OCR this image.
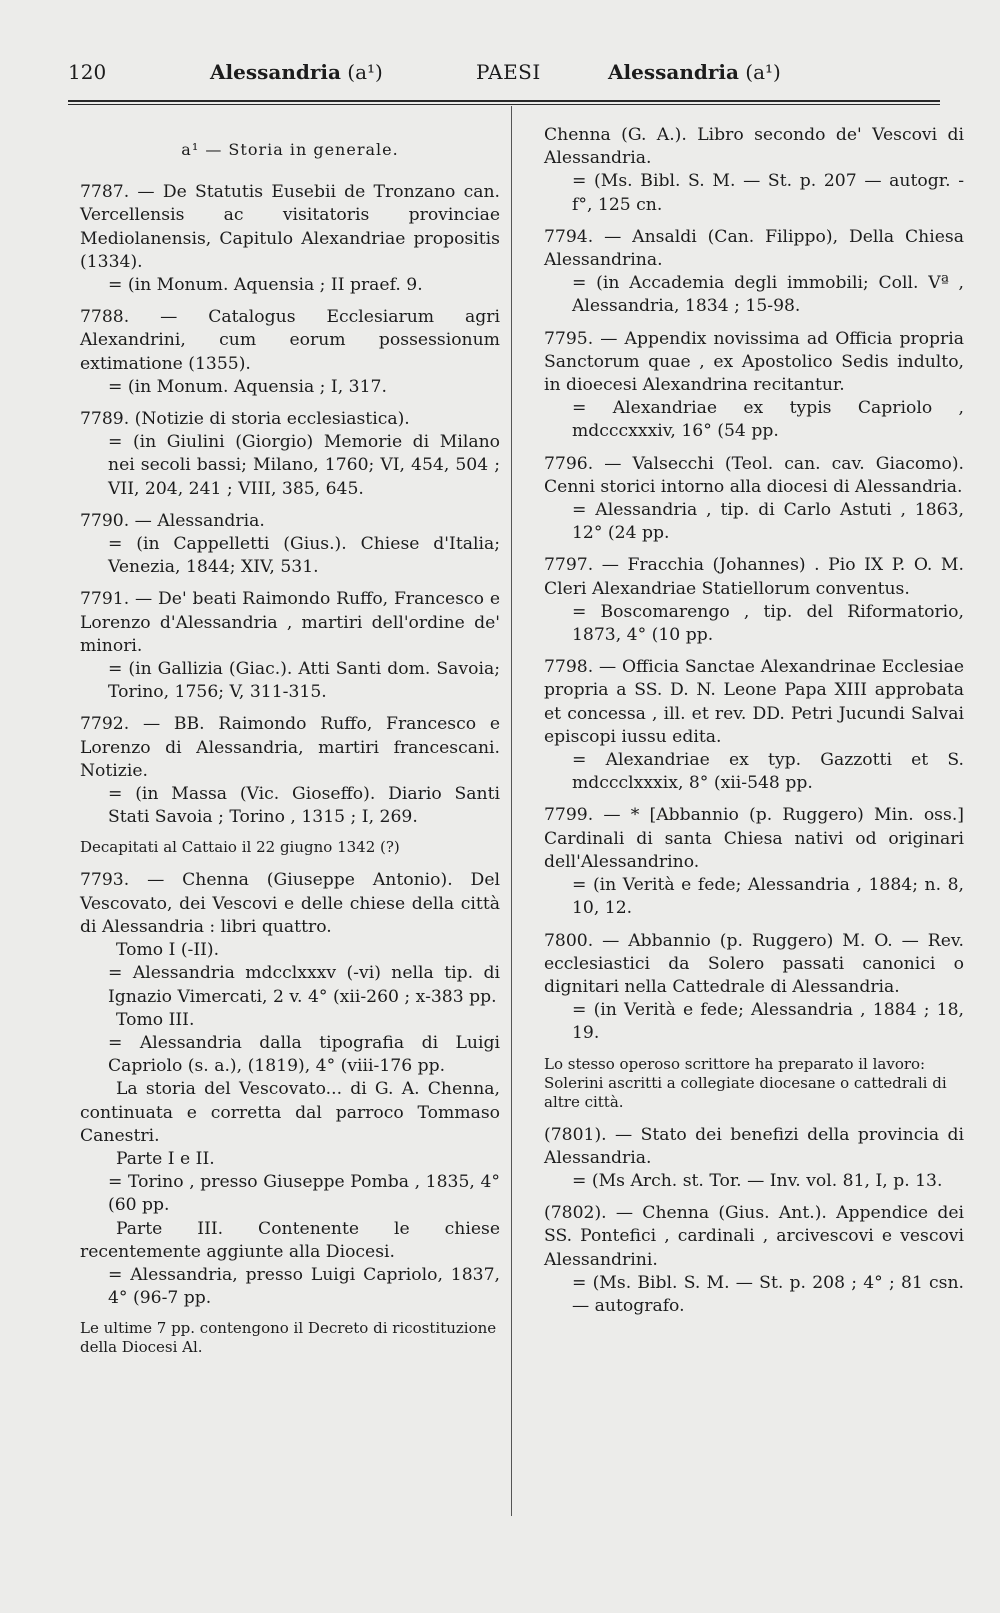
120	Alessandria (a¹)	PAESI	Alessandria (a¹)
a¹ — Storia in generale.

7787. — De Statutis Eusebii de Tronzano can. Vercellensis ac visitatoris provinciae Mediolanensis, Capitulo Alexandriae propositis (1334).

= (in Monum. Aquensia ; II praef. 9.

7788. — Catalogus Ecclesiarum agri Alexandrini, cum eorum possessionum extimatione (1355).

= (in Monum. Aquensia ; I, 317.

7789. (Notizie di storia ecclesiastica).

= (in Giulini (Giorgio) Memorie di Milano nei secoli bassi; Milano, 1760; VI, 454, 504 ; VII, 204, 241 ; VIII, 385, 645.

7790. — Alessandria.

= (in Cappelletti (Gius.). Chiese d'Italia; Venezia, 1844; XIV, 531.

7791. — De' beati Raimondo Ruffo, Francesco e Lorenzo d'Alessandria , martiri dell'ordine de' minori.

= (in Gallizia (Giac.). Atti Santi dom. Savoia; Torino, 1756; V, 311-315.

7792. — BB. Raimondo Ruffo, Francesco e Lorenzo di Alessandria, martiri francescani. Notizie.

= (in Massa (Vic. Gioseffo). Diario Santi Stati Savoia ; Torino , 1315 ; I, 269.

Decapitati al Cattaio il 22 giugno 1342 (?)

7793. — Chenna (Giuseppe Antonio). Del Vescovato, dei Vescovi e delle chiese della città di Alessandria : libri quattro.

Tomo I (-II).

= Alessandria mdcclxxxv (-vi) nella tip. di Ignazio Vimercati, 2 v. 4° (xii-260 ; x-383 pp.

Tomo III.

= Alessandria dalla tipografia di Luigi Capriolo (s. a.), (1819), 4° (viii-176 pp.

La storia del Vescovato... di G. A. Chenna, continuata e corretta dal parroco Tommaso Canestri.

Parte I e II.

= Torino , presso Giuseppe Pomba , 1835, 4° (60 pp.

Parte III. Contenente le chiese recentemente aggiunte alla Diocesi.

= Alessandria, presso Luigi Capriolo, 1837, 4° (96-7 pp.

Le ultime 7 pp. contengono il Decreto di ricostituzione della Diocesi Al.

Chenna (G. A.). Libro secondo de' Vescovi di Alessandria.

= (Ms. Bibl. S. M. — St. p. 207 — autogr. - f°, 125 cn.

7794. — Ansaldi (Can. Filippo), Della Chiesa Alessandrina.

= (in Accademia degli immobili; Coll. Vª , Alessandria, 1834 ; 15-98.

7795. — Appendix novissima ad Officia propria Sanctorum quae , ex Apostolico Sedis indulto, in dioecesi Alexandrina recitantur.

= Alexandriae ex typis Capriolo , mdcccxxxiv, 16° (54 pp.

7796. — Valsecchi (Teol. can. cav. Giacomo). Cenni storici intorno alla diocesi di Alessandria.

= Alessandria , tip. di Carlo Astuti , 1863, 12° (24 pp.

7797. — Fracchia (Johannes) . Pio IX P. O. M. Cleri Alexandriae Statiellorum conventus.

= Boscomarengo , tip. del Riformatorio, 1873, 4° (10 pp.

7798. — Officia Sanctae Alexandrinae Ecclesiae propria a SS. D. N. Leone Papa XIII approbata et concessa , ill. et rev. DD. Petri Jucundi Salvai episcopi iussu edita.

= Alexandriae ex typ. Gazzotti et S. mdccclxxxix, 8° (xii-548 pp.

7799. — * [Abbannio (p. Ruggero) Min. oss.] Cardinali di santa Chiesa nativi od originari dell'Alessandrino.

= (in Verità e fede; Alessandria , 1884; n. 8, 10, 12.

7800. — Abbannio (p. Ruggero) M. O. — Rev. ecclesiastici da Solero passati canonici o dignitari nella Cattedrale di Alessandria.

= (in Verità e fede; Alessandria , 1884 ; 18, 19.

Lo stesso operoso scrittore ha preparato il lavoro: Solerini ascritti a collegiate diocesane o cattedrali di altre città.

(7801). — Stato dei benefizi della provincia di Alessandria.

= (Ms Arch. st. Tor. — Inv. vol. 81, I, p. 13.

(7802). — Chenna (Gius. Ant.). Appendice dei SS. Pontefici , cardinali , arcivescovi e vescovi Alessandrini.

= (Ms. Bibl. S. M. — St. p. 208 ; 4° ; 81 csn. — autografo.
